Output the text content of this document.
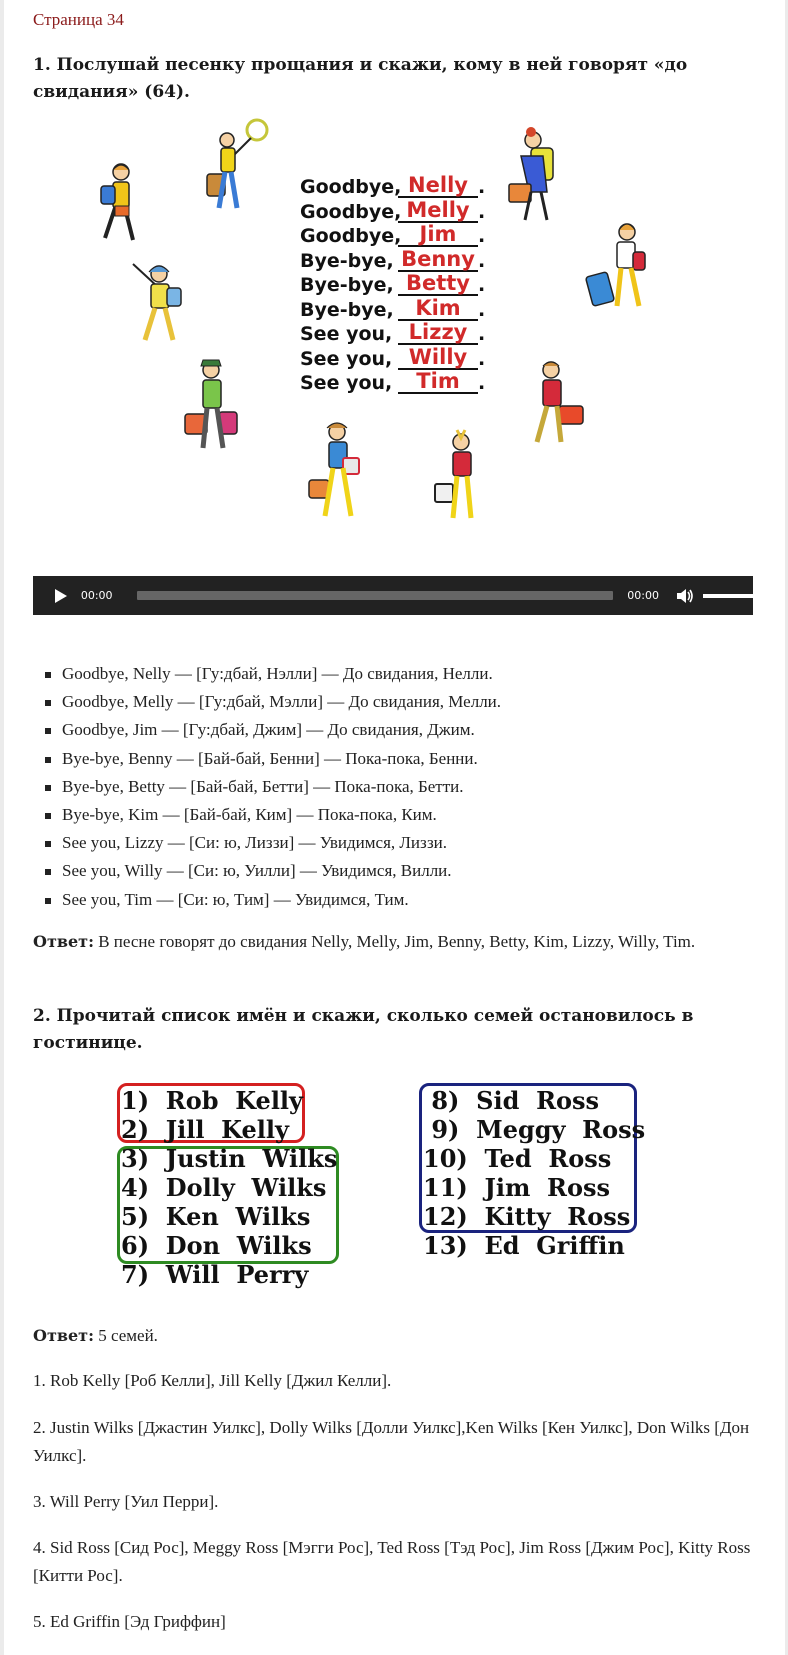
Страница 34
1. Послушай песенку прощания и скажи, кому в ней говорят «до свидания» (64).
Goodbye, Nelly .
Goodbye, Melly .
Goodbye, Jim	.
Bye-bye, Benny .
Bye-bye, Betty .
Bye-bye,	Kim .
See you, Lizzy .
See you, Willy .
See you,	Tim .
00:00	00:00
Goodbye, Nelly — [Гу:дбай, Нэлли] — До свидания, Нелли.
Goodbye, Melly — [Гу:дбай, Мэлли] — До свидания, Мелли.
Goodbye, Jim — [Гу:дбай, Джим] — До свидания, Джим.
Bye-bye, Benny — [Бай-бай, Бенни] — Пока-пока, Бенни.
Bye-bye, Betty — [Бай-бай, Бетти] — Пока-пока, Бетти.
Bye-bye, Kim — [Бай-бай, Ким] — Пока-пока, Ким.
See you, Lizzy — [Си: ю, Лиззи] — Увидимся, Лиззи.
See you, Willy — [Си: ю, Уилли] — Увидимся, Вилли.
See you, Tim — [Си: ю, Тим] — Увидимся, Тим.
Ответ: В песне говорят до свидания Nelly, Melly, Jim, Benny, Betty, Kim, Lizzy, Willy, Tim.
2. Прочитай список имён и скажи, сколько семей остановилось в гостинице.
1)  Rob  Kelly
2)  Jill  Kelly
3)  Justin  Wilks
4)  Dolly  Wilks
5)  Ken  Wilks
6)  Don  Wilks
7)  Will  Perry
8)  Sid  Ross
9)  Meggy  Ross
10)  Ted  Ross
11)  Jim  Ross
12)  Kitty  Ross
13)  Ed  Griffin
Ответ: 5 семей.
1. Rob Kelly [Роб Келли], Jill Kelly [Джил Келли].
2. Justin Wilks [Джастин Уилкс], Dolly Wilks [Долли Уилкс],Ken Wilks [Кен Уилкс], Don Wilks [Дон Уилкс].
3. Will Perry [Уил Перри].
4. Sid Ross [Сид Рос], Meggy Ross [Мэгги Рос], Ted Ross [Тэд Рос], Jim Ross [Джим Рос], Kitty Ross [Китти Рос].
5. Ed Griffin [Эд Гриффин]
